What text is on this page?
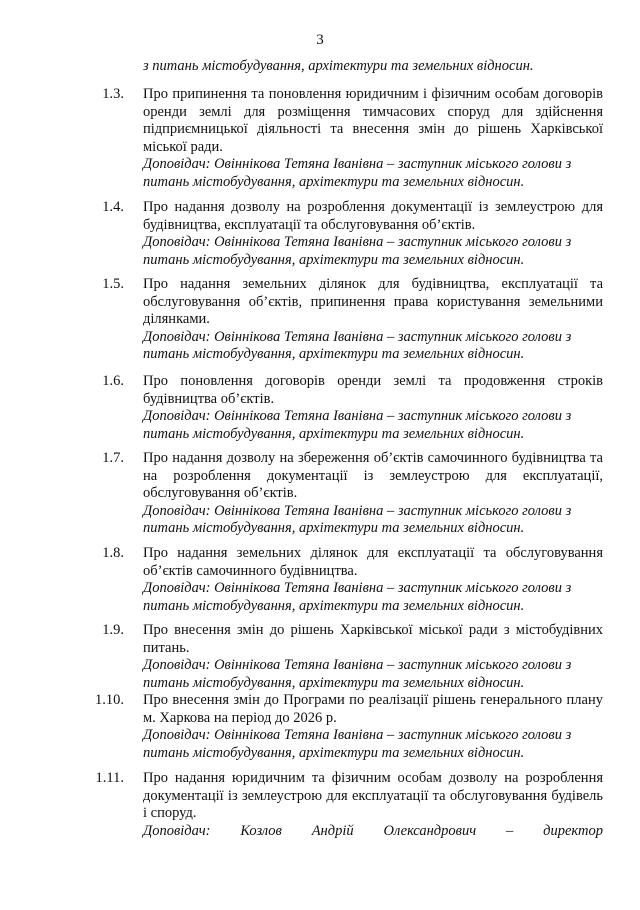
3
з питань містобудування, архітектури та земельних відносин.
1.3. Про припинення та поновлення юридичним і фізичним особам договорів оренди землі для розміщення тимчасових споруд для здійснення підприємницької діяльності та внесення змін до рішень Харківської міської ради.
Доповідач: Овіннікова Тетяна Іванівна – заступник міського голови з питань містобудування, архітектури та земельних відносин.
1.4. Про надання дозволу на розроблення документації із землеустрою для будівництва, експлуатації та обслуговування об’єктів.
Доповідач: Овіннікова Тетяна Іванівна – заступник міського голови з питань містобудування, архітектури та земельних відносин.
1.5. Про надання земельних ділянок для будівництва, експлуатації та обслуговування об’єктів, припинення права користування земельними ділянками.
Доповідач: Овіннікова Тетяна Іванівна – заступник міського голови з питань містобудування, архітектури та земельних відносин.
1.6. Про поновлення договорів оренди землі та продовження строків будівництва об’єктів.
Доповідач: Овіннікова Тетяна Іванівна – заступник міського голови з питань містобудування, архітектури та земельних відносин.
1.7. Про надання дозволу на збереження об’єктів самочинного будівництва та на розроблення документації із землеустрою для експлуатації, обслуговування об’єктів.
Доповідач: Овіннікова Тетяна Іванівна – заступник міського голови з питань містобудування, архітектури та земельних відносин.
1.8. Про надання земельних ділянок для експлуатації та обслуговування об’єктів самочинного будівництва.
Доповідач: Овіннікова Тетяна Іванівна – заступник міського голови з питань містобудування, архітектури та земельних відносин.
1.9. Про внесення змін до рішень Харківської міської ради з містобудівних питань.
Доповідач: Овіннікова Тетяна Іванівна – заступник міського голови з питань містобудування, архітектури та земельних відносин.
1.10. Про внесення змін до Програми по реалізації рішень генерального плану м. Харкова на період до 2026 р.
Доповідач: Овіннікова Тетяна Іванівна – заступник міського голови з питань містобудування, архітектури та земельних відносин.
1.11. Про надання юридичним та фізичним особам дозволу на розроблення документації із землеустрою для експлуатації та обслуговування будівель і споруд.
Доповідач: Козлов Андрій Олександрович – директор
